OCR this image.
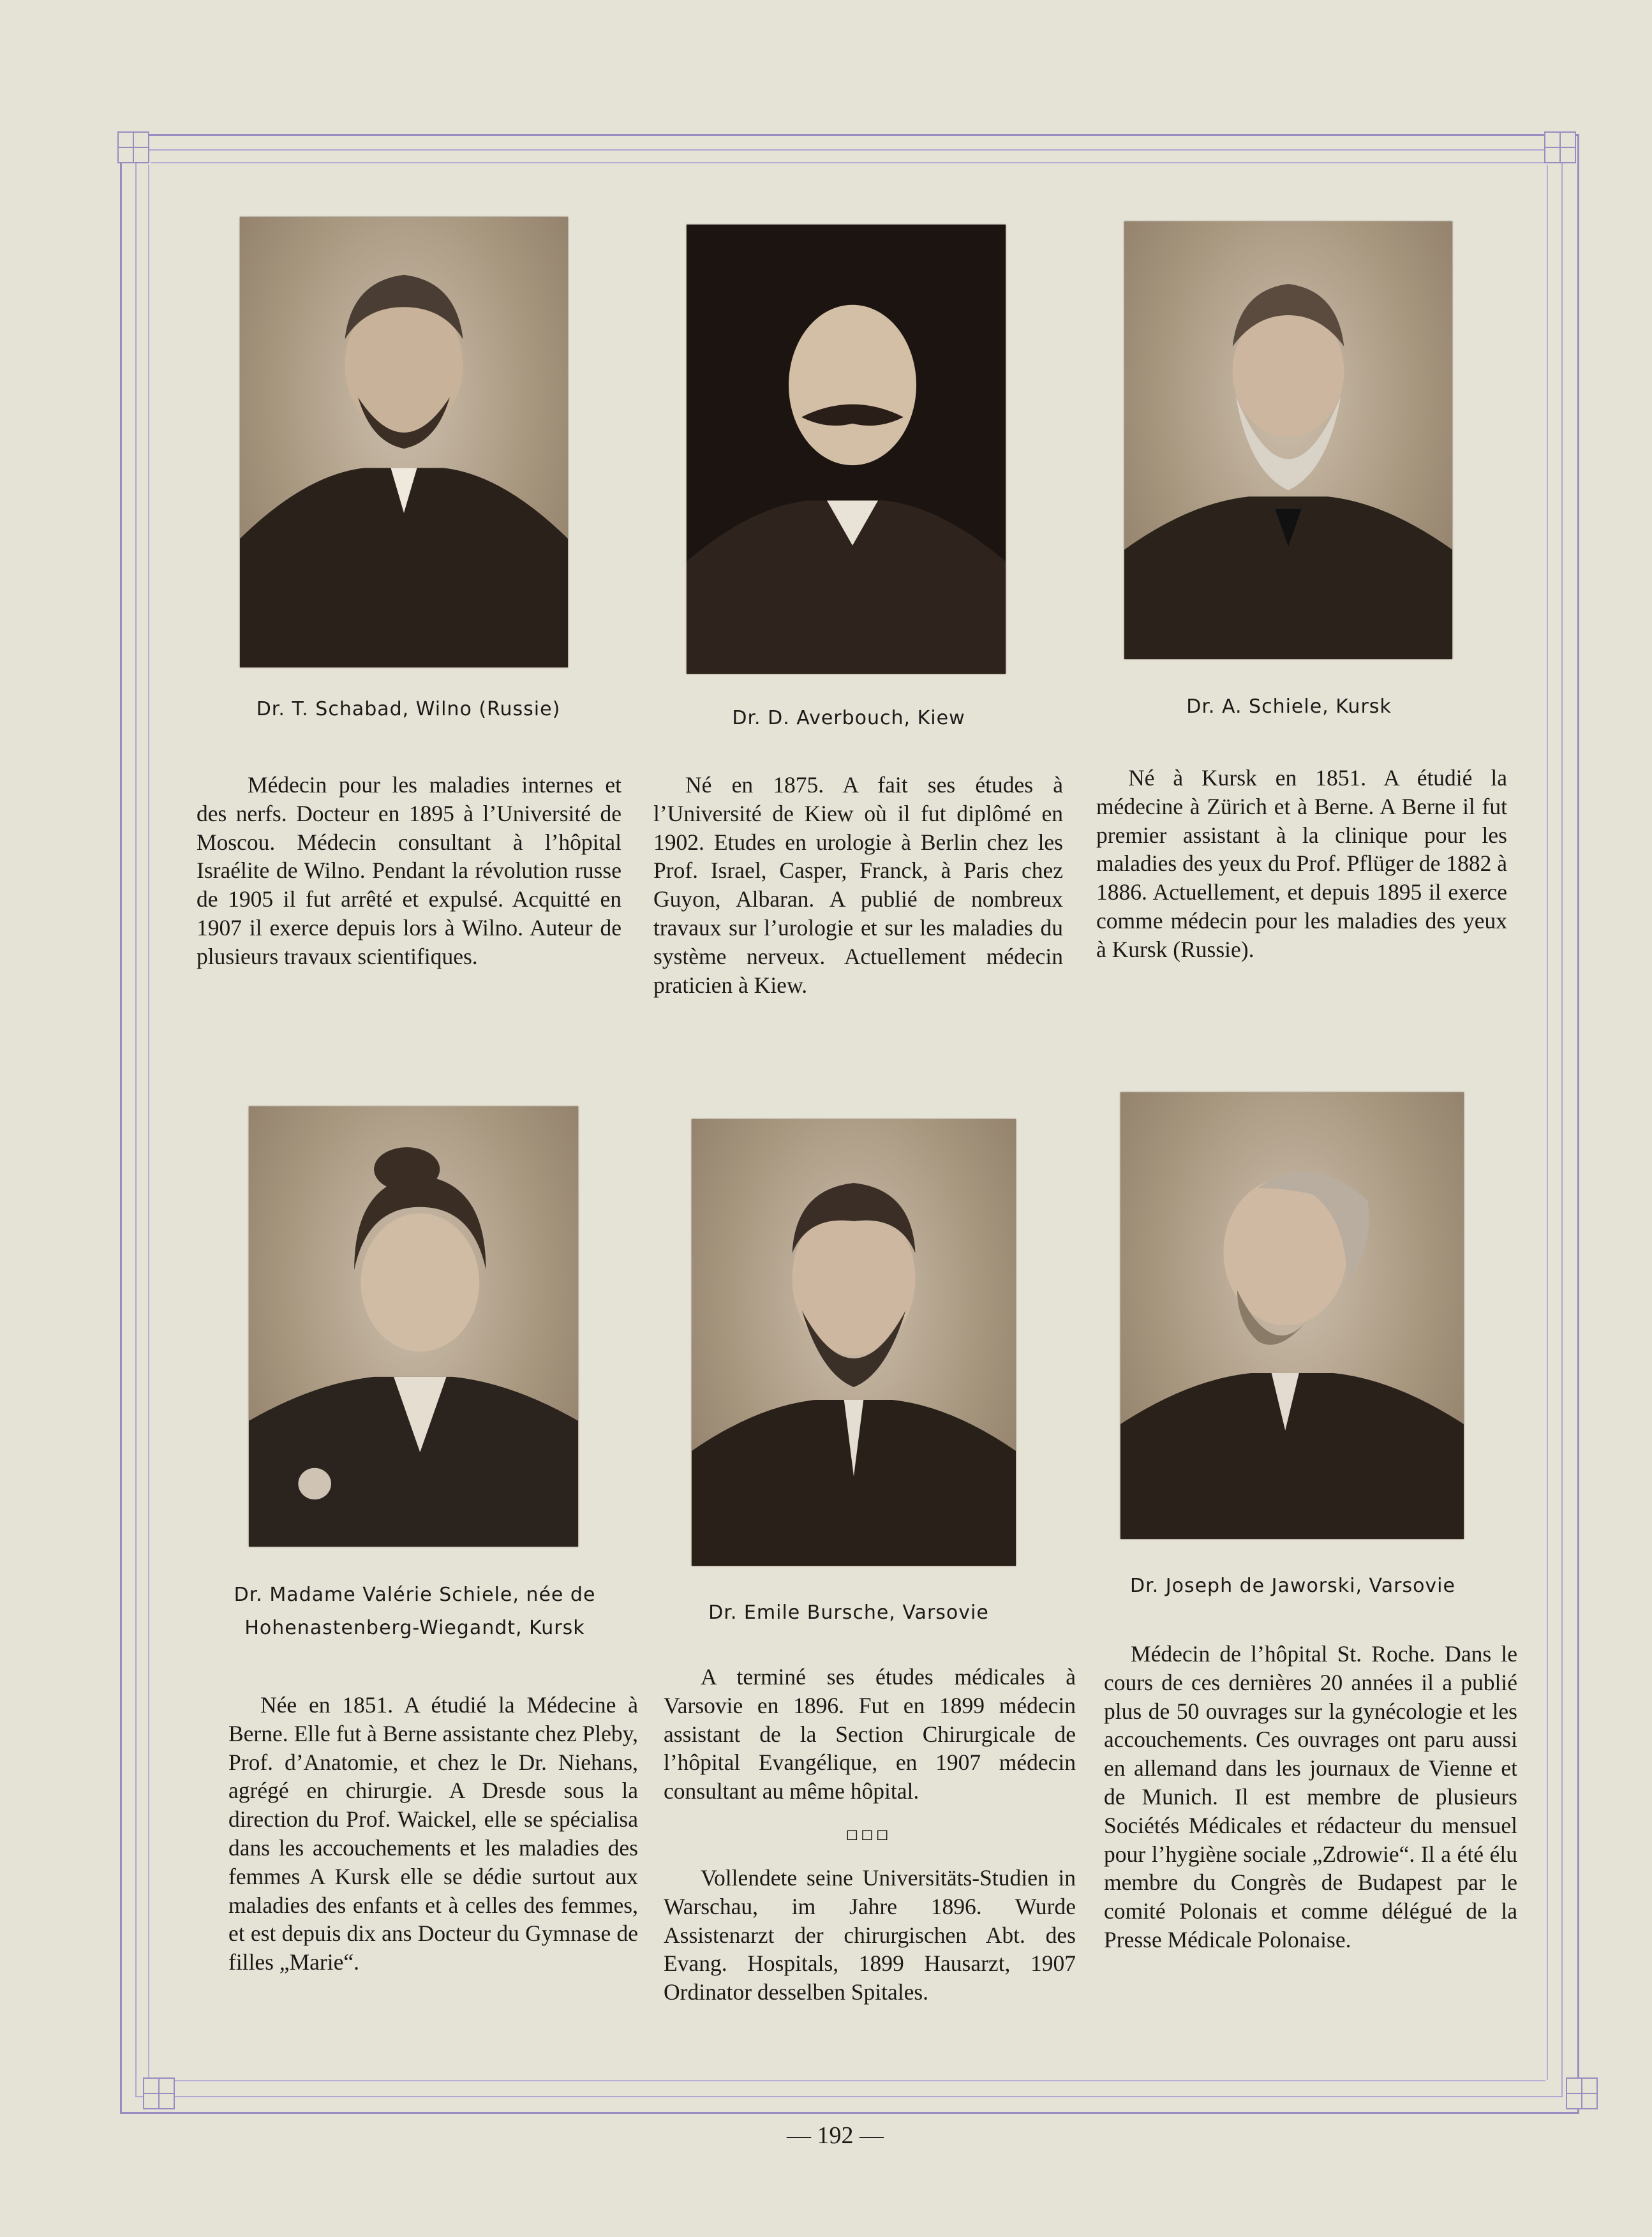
Dr. T. Schabad, Wilno (Russie)	Dr. D. Averbouch, Kiew
Dr. A. Schiele, Kursk
Médecin pour les maladies internes et des nerfs. Docteur en 1895 à l’Université de Moscou. Médecin consultant à l’hôpital Israélite de Wilno. Pendant la révolution russe de 1905 il fut arrêté et expulsé. Acquitté en 1907 il exerce depuis lors à Wilno. Auteur de plusieurs travaux scientifiques.
Né en 1875. A fait ses études à l’Université de Kiew où il fut diplômé en 1902. Etudes en urologie à Berlin chez les Prof. Israel, Casper, Franck, à Paris chez Guyon, Albaran. A publié de nombreux travaux sur l’urologie et sur les maladies du système nerveux. Actuellement médecin praticien à Kiew.
Né à Kursk en 1851. A étudié la médecine à Zürich et à Berne. A Berne il fut premier assistant à la clinique pour les maladies des yeux du Prof. Pflüger de 1882 à 1886. Actuellement, et depuis 1895 il exerce comme médecin pour les maladies des yeux à Kursk (Russie).
Dr. Madame Valérie Schiele, née de
Hohenastenberg-Wiegandt, Kursk
Dr. Emile Bursche, Varsovie
Dr. Joseph de Jaworski, Varsovie
Née en 1851. A étudié la Médecine à Berne. Elle fut à Berne assistante chez Pleby, Prof. d’Anatomie, et chez le Dr. Niehans, agrégé en chirurgie. A Dresde sous la direction du Prof. Waickel, elle se spécialisa dans les accouchements et les maladies des femmes A Kursk elle se dédie surtout aux maladies des enfants et à celles des femmes, et est depuis dix ans Docteur du Gymnase de filles „Marie“.
A terminé ses études médicales à Varsovie en 1896. Fut en 1899 médecin assistant de la Section Chirurgicale de l’hôpital Evangélique, en 1907 médecin consultant au même hôpital.
□□□
Vollendete seine Universitäts-Studien in Warschau, im Jahre 1896. Wurde Assistenarzt der chirurgischen Abt. des Evang. Hospitals, 1899 Hausarzt, 1907 Ordinator desselben Spitales.
Médecin de l’hôpital St. Roche. Dans le cours de ces dernières 20 années il a publié plus de 50 ouvrages sur la gynécologie et les accouchements. Ces ouvrages ont paru aussi en allemand dans les journaux de Vienne et de Munich. Il est membre de plusieurs Sociétés Médicales et rédacteur du mensuel pour l’hygiène sociale „Zdrowie“. Il a été élu membre du Congrès de Budapest par le comité Polonais et comme délégué de la Presse Médicale Polonaise.
— 192 —
